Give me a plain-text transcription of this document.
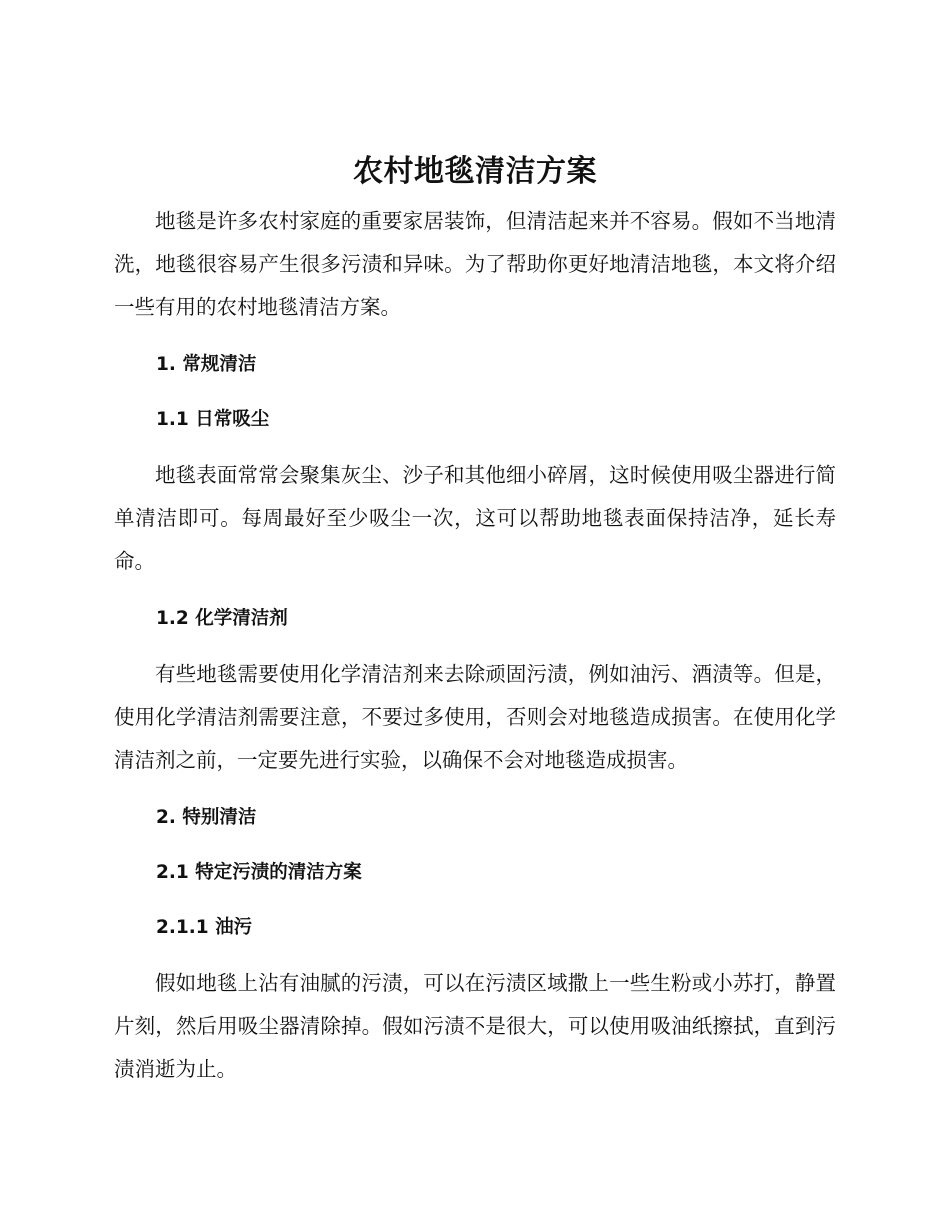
农村地毯清洁方案

地毯是许多农村家庭的重要家居装饰，但清洁起来并不容易。假如不当地清洗，地毯很容易产生很多污渍和异味。为了帮助你更好地清洁地毯，本文将介绍一些有用的农村地毯清洁方案。

1. 常规清洁
1.1 日常吸尘

地毯表面常常会聚集灰尘、沙子和其他细小碎屑，这时候使用吸尘器进行简单清洁即可。每周最好至少吸尘一次，这可以帮助地毯表面保持洁净，延长寿命。

1.2 化学清洁剂

有些地毯需要使用化学清洁剂来去除顽固污渍，例如油污、酒渍等。但是，使用化学清洁剂需要注意，不要过多使用，否则会对地毯造成损害。在使用化学清洁剂之前，一定要先进行实验，以确保不会对地毯造成损害。

2. 特别清洁
2.1 特定污渍的清洁方案
2.1.1 油污

假如地毯上沾有油腻的污渍，可以在污渍区域撒上一些生粉或小苏打，静置片刻，然后用吸尘器清除掉。假如污渍不是很大，可以使用吸油纸擦拭，直到污渍消逝为止。
